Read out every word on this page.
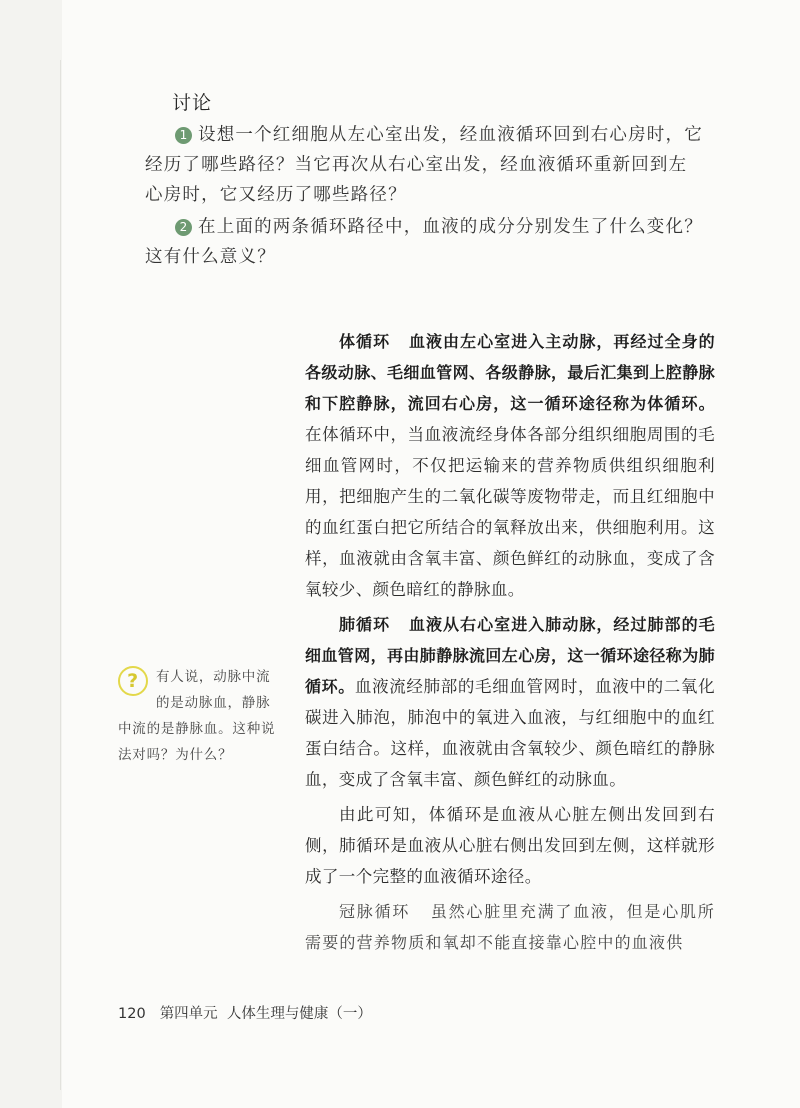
讨论
1 设想一个红细胞从左心室出发，经血液循环回到右心房时，它经历了哪些路径？当它再次从右心室出发，经血液循环重新回到左心房时，它又经历了哪些路径？
2 在上面的两条循环路径中，血液的成分分别发生了什么变化？这有什么意义？

体循环 血液由左心室进入主动脉，再经过全身的各级动脉、毛细血管网、各级静脉，最后汇集到上腔静脉和下腔静脉，流回右心房，这一循环途径称为体循环。在体循环中，当血液流经身体各部分组织细胞周围的毛细血管网时，不仅把运输来的营养物质供组织细胞利用，把细胞产生的二氧化碳等废物带走，而且红细胞中的血红蛋白把它所结合的氧释放出来，供细胞利用。这样，血液就由含氧丰富、颜色鲜红的动脉血，变成了含氧较少、颜色暗红的静脉血。

肺循环 血液从右心室进入肺动脉，经过肺部的毛细血管网，再由肺静脉流回左心房，这一循环途径称为肺循环。血液流经肺部的毛细血管网时，血液中的二氧化碳进入肺泡，肺泡中的氧进入血液，与红细胞中的血红蛋白结合。这样，血液就由含氧较少、颜色暗红的静脉血，变成了含氧丰富、颜色鲜红的动脉血。

由此可知，体循环是血液从心脏左侧出发回到右侧，肺循环是血液从心脏右侧出发回到左侧，这样就形成了一个完整的血液循环途径。

冠脉循环 虽然心脏里充满了血液，但是心肌所需要的营养物质和氧却不能直接靠心腔中的血液供

?	有人说，动脉中流的是动脉血，静脉中流的是静脉血。这种说法对吗？为什么？
120 第四单元 人体生理与健康（一）
